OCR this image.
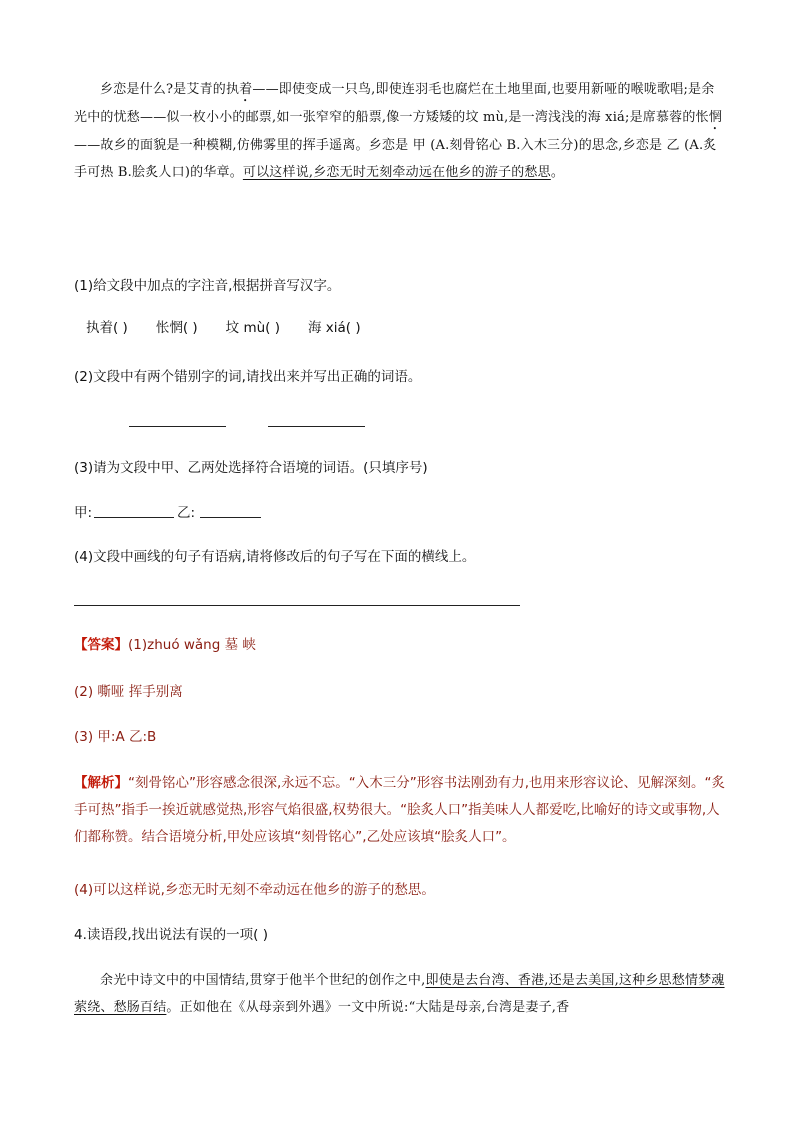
乡恋是什么?是艾青的执着——即使变成一只鸟,即使连羽毛也腐烂在土地里面,也要用新哑的喉咙歌唱;是余光中的忧愁——似一枚小小的邮票,如一张窄窄的船票,像一方矮矮的坟 mù,是一湾浅浅的海 xiá;是席慕蓉的怅惘——故乡的面貌是一种模糊,仿佛雾里的挥手遥离。乡恋是 甲 (A.刻骨铭心 B.入木三分)的思念,乡恋是 乙 (A.炙手可热 B.脍炙人口)的华章。可以这样说,乡恋无时无刻牵动远在他乡的游子的愁思。

(1)给文段中加点的字注音,根据拼音写汉字。

执着( ) 怅惘( ) 坟 mù( ) 海 xiá( )

(2)文段中有两个错别字的词,请找出来并写出正确的词语。

(3)请为文段中甲、乙两处选择符合语境的词语。(只填序号)

甲:	乙:

(4)文段中画线的句子有语病,请将修改后的句子写在下面的横线上。

【答案】(1)zhuó wǎng 墓 峡

(2) 嘶哑 挥手别离

(3) 甲:A 乙:B

【解析】“刻骨铭心”形容感念很深,永远不忘。“入木三分”形容书法刚劲有力,也用来形容议论、见解深刻。“炙手可热”指手一挨近就感觉热,形容气焰很盛,权势很大。“脍炙人口”指美味人人都爱吃,比喻好的诗文或事物,人们都称赞。结合语境分析,甲处应该填“刻骨铭心”,乙处应该填“脍炙人口”。

(4)可以这样说,乡恋无时无刻不牵动远在他乡的游子的愁思。

4.读语段,找出说法有误的一项( )

余光中诗文中的中国情结,贯穿于他半个世纪的创作之中,即使是去台湾、香港,还是去美国,这种乡思愁情梦魂萦绕、愁肠百结。正如他在《从母亲到外遇》一文中所说:“大陆是母亲,台湾是妻子,香
